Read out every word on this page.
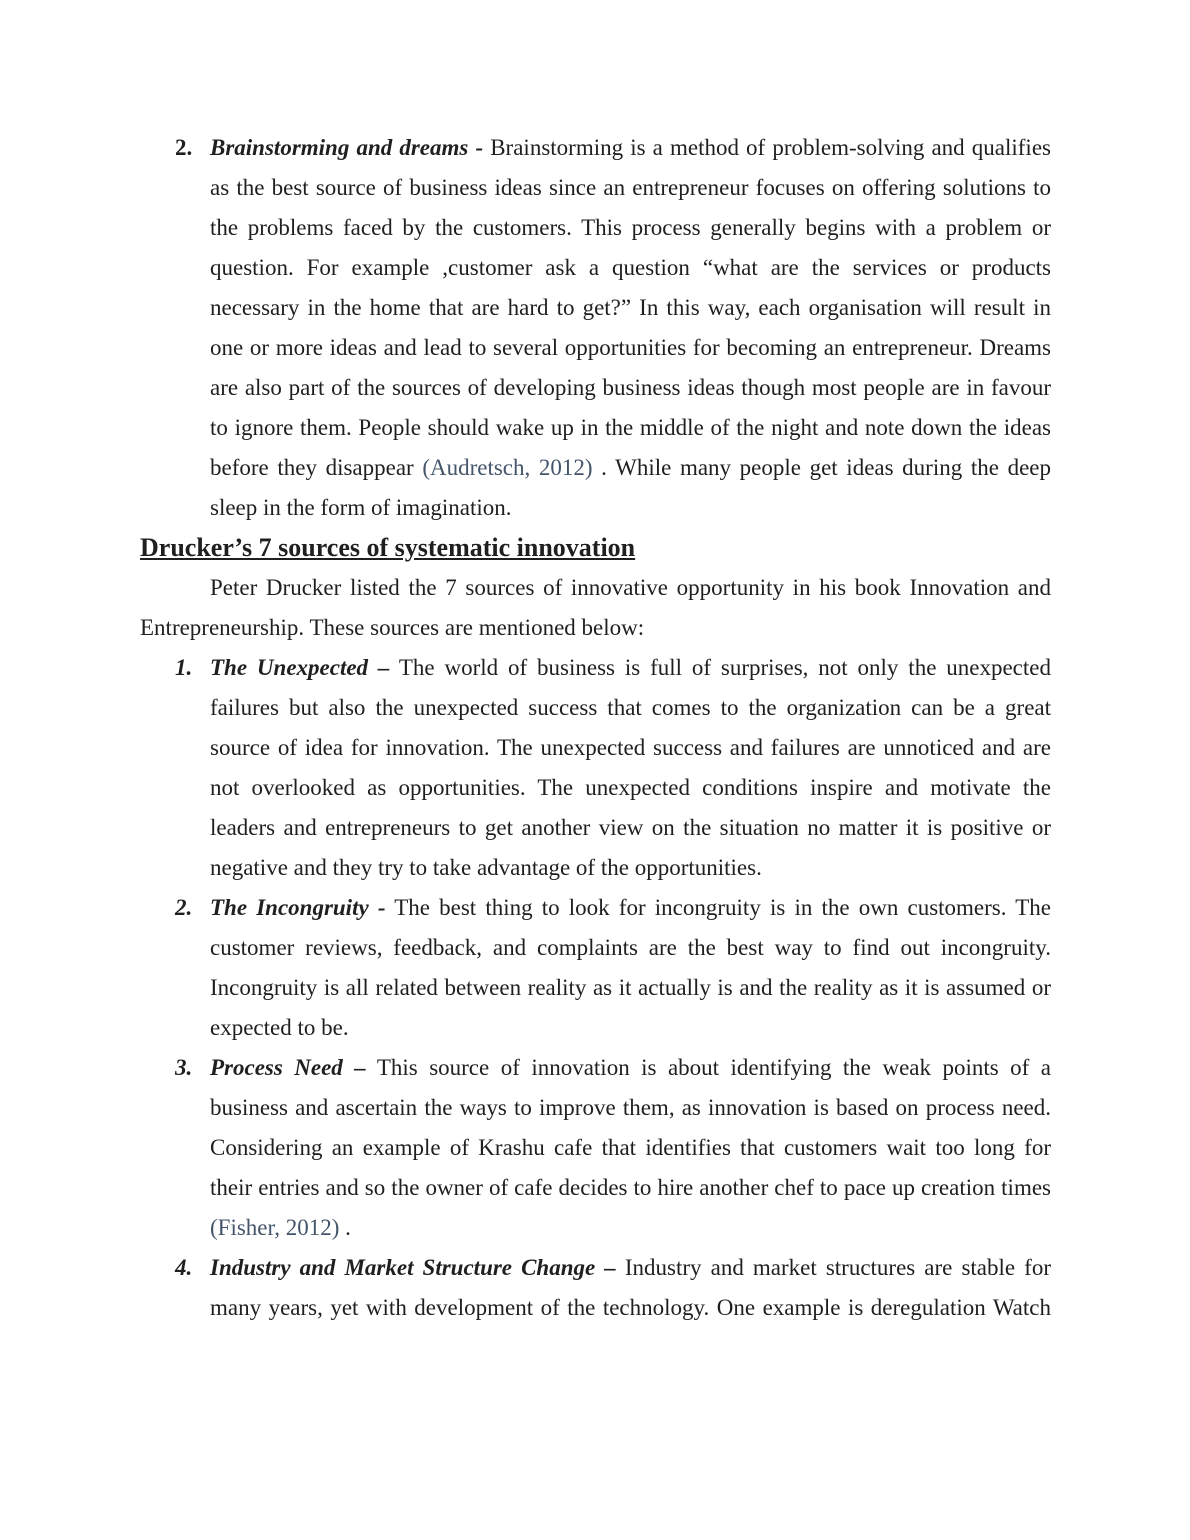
2. Brainstorming and dreams - Brainstorming is a method of problem-solving and qualifies as the best source of business ideas since an entrepreneur focuses on offering solutions to the problems faced by the customers. This process generally begins with a problem or question. For example ,customer ask a question “what are the services or products necessary in the home that are hard to get?” In this way, each organisation will result in one or more ideas and lead to several opportunities for becoming an entrepreneur. Dreams are also part of the sources of developing business ideas though most people are in favour to ignore them. People should wake up in the middle of the night and note down the ideas before they disappear (Audretsch, 2012) . While many people get ideas during the deep sleep in the form of imagination.

Drucker’s 7 sources of systematic innovation

Peter Drucker listed the 7 sources of innovative opportunity in his book Innovation and Entrepreneurship. These sources are mentioned below:

1. The Unexpected – The world of business is full of surprises, not only the unexpected failures but also the unexpected success that comes to the organization can be a great source of idea for innovation. The unexpected success and failures are unnoticed and are not overlooked as opportunities. The unexpected conditions inspire and motivate the leaders and entrepreneurs to get another view on the situation no matter it is positive or negative and they try to take advantage of the opportunities.

2. The Incongruity - The best thing to look for incongruity is in the own customers. The customer reviews, feedback, and complaints are the best way to find out incongruity. Incongruity is all related between reality as it actually is and the reality as it is assumed or expected to be.

3. Process Need – This source of innovation is about identifying the weak points of a business and ascertain the ways to improve them, as innovation is based on process need. Considering an example of Krashu cafe that identifies that customers wait too long for their entries and so the owner of cafe decides to hire another chef to pace up creation times (Fisher, 2012) .

4. Industry and Market Structure Change – Industry and market structures are stable for many years, yet with development of the technology. One example is deregulation Watch
